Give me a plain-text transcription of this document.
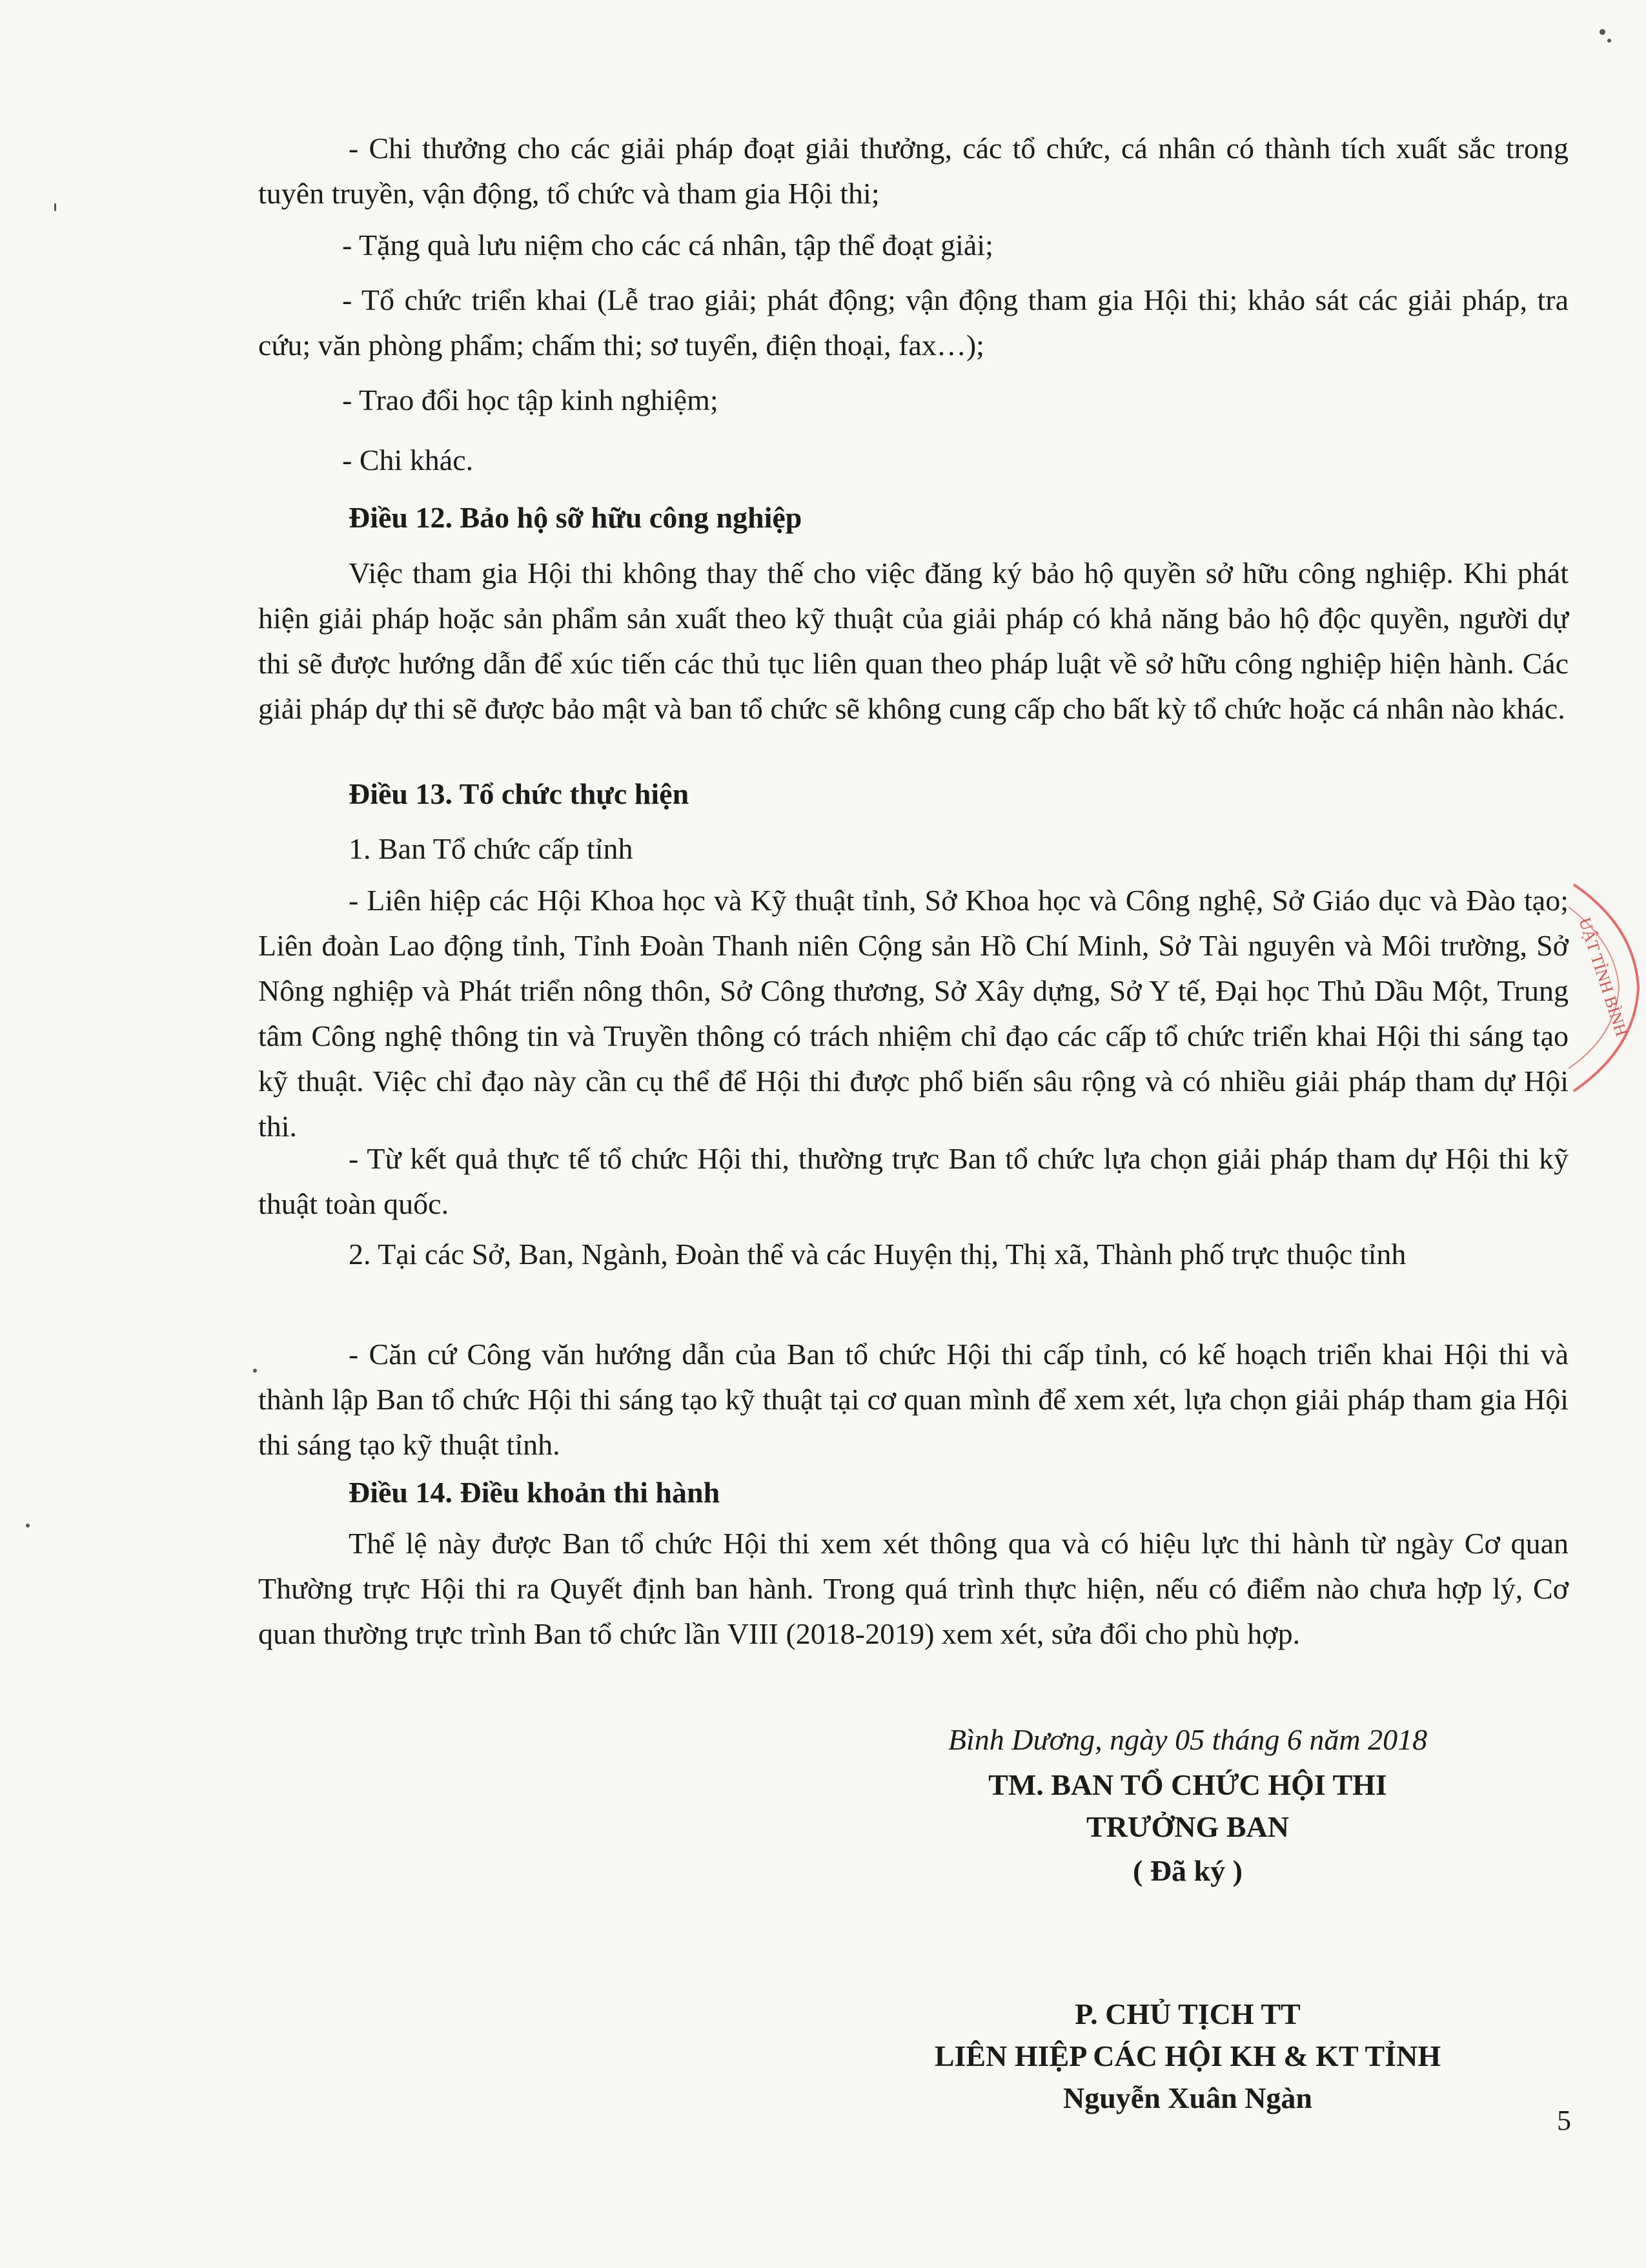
- Chi thưởng cho các giải pháp đoạt giải thưởng, các tổ chức, cá nhân có thành tích xuất sắc trong tuyên truyền, vận động, tổ chức và tham gia Hội thi;

- Tặng quà lưu niệm cho các cá nhân, tập thể đoạt giải;

- Tổ chức triển khai (Lễ trao giải; phát động; vận động tham gia Hội thi; khảo sát các giải pháp, tra cứu; văn phòng phẩm; chấm thi; sơ tuyển, điện thoại, fax…);

- Trao đổi học tập kinh nghiệm;

- Chi khác.

Điều 12. Bảo hộ sỡ hữu công nghiệp

Việc tham gia Hội thi không thay thế cho việc đăng ký bảo hộ quyền sở hữu công nghiệp. Khi phát hiện giải pháp hoặc sản phẩm sản xuất theo kỹ thuật của giải pháp có khả năng bảo hộ độc quyền, người dự thi sẽ được hướng dẫn để xúc tiến các thủ tục liên quan theo pháp luật về sở hữu công nghiệp hiện hành. Các giải pháp dự thi sẽ được bảo mật và ban tổ chức sẽ không cung cấp cho bất kỳ tổ chức hoặc cá nhân nào khác.

Điều 13. Tổ chức thực hiện

1. Ban Tổ chức cấp tỉnh

- Liên hiệp các Hội Khoa học và Kỹ thuật tỉnh, Sở Khoa học và Công nghệ, Sở Giáo dục và Đào tạo; Liên đoàn Lao động tỉnh, Tỉnh Đoàn Thanh niên Cộng sản Hồ Chí Minh, Sở Tài nguyên và Môi trường, Sở Nông nghiệp và Phát triển nông thôn, Sở Công thương, Sở Xây dựng, Sở Y tế, Đại học Thủ Dầu Một, Trung tâm Công nghệ thông tin và Truyền thông có trách nhiệm chỉ đạo các cấp tổ chức triển khai Hội thi sáng tạo kỹ thuật. Việc chỉ đạo này cần cụ thể để Hội thi được phổ biến sâu rộng và có nhiều giải pháp tham dự Hội thi.

- Từ kết quả thực tế tổ chức Hội thi, thường trực Ban tổ chức lựa chọn giải pháp tham dự Hội thi kỹ thuật toàn quốc.

2. Tại các Sở, Ban, Ngành, Đoàn thể và các Huyện thị, Thị xã, Thành phố trực thuộc tỉnh

- Căn cứ Công văn hướng dẫn của Ban tổ chức Hội thi cấp tỉnh, có kế hoạch triển khai Hội thi và thành lập Ban tổ chức Hội thi sáng tạo kỹ thuật tại cơ quan mình để xem xét, lựa chọn giải pháp tham gia Hội thi sáng tạo kỹ thuật tỉnh.

Điều 14. Điều khoản thi hành

Thể lệ này được Ban tổ chức Hội thi xem xét thông qua và có hiệu lực thi hành từ ngày Cơ quan Thường trực Hội thi ra Quyết định ban hành. Trong quá trình thực hiện, nếu có điểm nào chưa hợp lý, Cơ quan thường trực trình Ban tổ chức lần VIII (2018-2019) xem xét, sửa đổi cho phù hợp.

Bình Dương, ngày 05 tháng 6 năm 2018

TM. BAN TỔ CHỨC HỘI THI

TRƯỞNG BAN

( Đã ký )

P. CHỦ TỊCH TT

LIÊN HIỆP CÁC HỘI KH & KT TỈNH

Nguyễn Xuân Ngàn

UẬT TỈNH BÌNH
5
